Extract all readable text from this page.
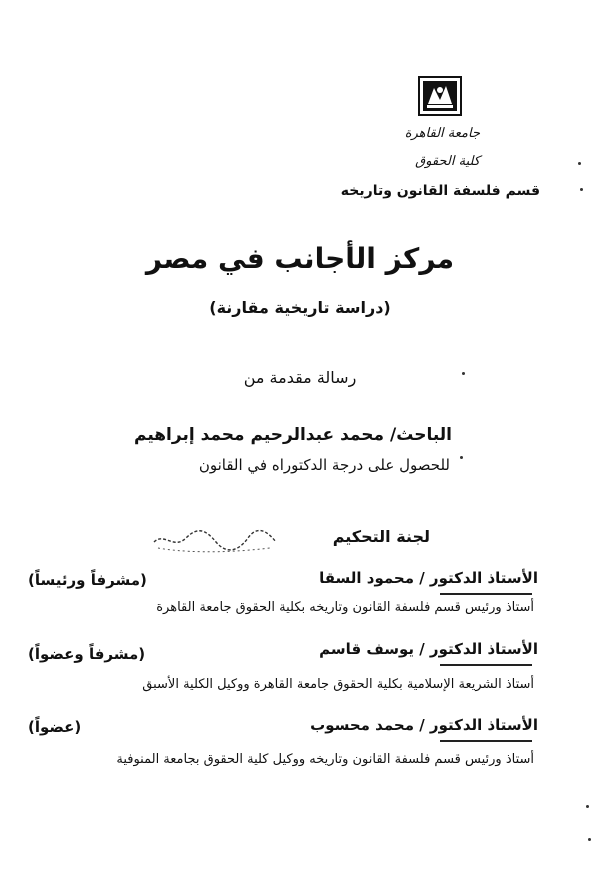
جامعة القاهرة
كلية الحقوق
قسم فلسفة القانون وتاريخه
مركز الأجانب في مصر
(دراسة تاريخية مقارنة)
رسالة مقدمة من
الباحث/ محمد عبدالرحيم محمد إبراهيم
للحصول على درجة الدكتوراه في القانون
لجنة التحكيم
الأستاذ الدكتور / محمود السقا
(مشرفاً ورئيساً)
أستاذ ورئيس قسم فلسفة القانون وتاريخه بكلية الحقوق جامعة القاهرة
الأستاذ الدكتور / يوسف قاسم
(مشرفاً وعضواً)
أستاذ الشريعة الإسلامية بكلية الحقوق جامعة القاهرة ووكيل الكلية الأسبق
الأستاذ الدكتور / محمد محسوب
(عضواً)
أستاذ ورئيس قسم فلسفة القانون وتاريخه ووكيل كلية الحقوق بجامعة المنوفية
